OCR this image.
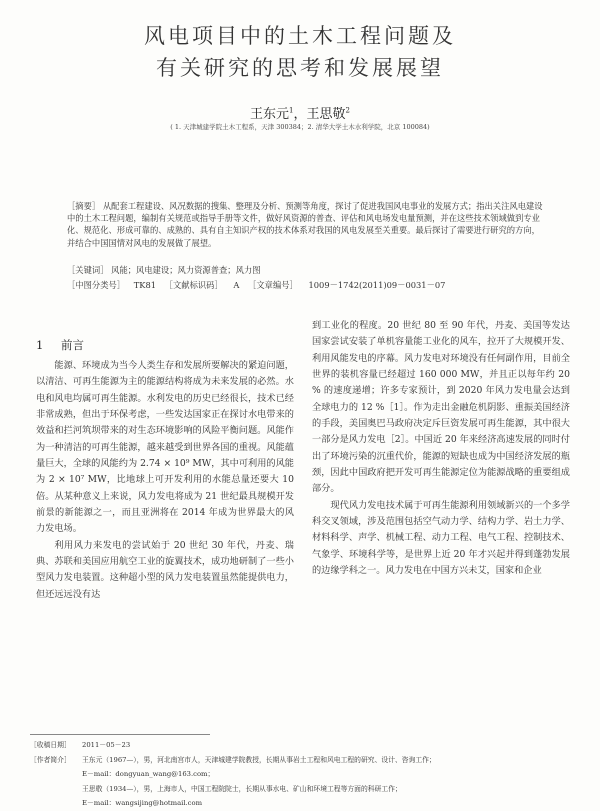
风电项目中的土木工程问题及
有关研究的思考和发展展望
王东元$^1$，王思敬$^2$
( 1. 天津城建学院土木工程系，天津 300384；2. 清华大学土木水利学院，北京 100084)
［摘要］ 从配套工程建设、风况数据的搜集、整理及分析、预测等角度，探讨了促进我国风电事业的发展方式；指出关注风电建设中的土木工程问题，编制有关规范或指导手册等文件，做好风资源的普查、评估和风电场发电量预测，并在这些技术领域做到专业化、规范化、形成可靠的、成熟的、具有自主知识产权的技术体系对我国的风电发展至关重要。最后探讨了需要进行研究的方向，并结合中国国情对风电的发展做了展望。
［关键词］ 风能；风电建设；风力资源普查；风力图
［中图分类号］ TK81 ［文献标识码］ A ［文章编号］ 1009－1742(2011)09－0031－07
1 前言

能源、环境成为当今人类生存和发展所要解决的紧迫问题，以清洁、可再生能源为主的能源结构将成为未来发展的必然。水电和风电均属可再生能源。水利发电的历史已经很长，技术已经非常成熟，但出于环保考虑，一些发达国家正在探讨水电带来的效益和拦河筑坝带来的对生态环境影响的风险平衡问题。风能作为一种清洁的可再生能源，越来越受到世界各国的重视。风能蕴量巨大，全球的风能约为 2.74 × 10⁹ MW，其中可利用的风能为 2 × 10⁷ MW，比地球上可开发利用的水能总量还要大 10 倍。从某种意义上来说，风力发电将成为 21 世纪最具规模开发前景的新能源之一，而且亚洲将在 2014 年成为世界最大的风力发电场。

利用风力来发电的尝试始于 20 世纪 30 年代，丹麦、瑞典、苏联和美国应用航空工业的旋翼技术，成功地研制了一些小型风力发电装置。这种超小型的风力发电装置虽然能提供电力，但还远远没有达

到工业化的程度。20 世纪 80 至 90 年代，丹麦、美国等发达国家尝试安装了单机容量能工业化的风车，拉开了大规模开发、利用风能发电的序幕。风力发电对环境没有任何副作用，目前全世界的装机容量已经超过 160 000 MW，并且正以每年约 20 % 的速度递增；许多专家预计，到 2020 年风力发电量会达到全球电力的 12 %［1］。作为走出金融危机阴影、重振美国经济的手段，美国奥巴马政府决定斥巨资发展可再生能源，其中很大一部分是风力发电［2］。中国近 20 年来经济高速发展的同时付出了环境污染的沉重代价，能源的短缺也成为中国经济发展的瓶颈，因此中国政府把开发可再生能源定位为能源战略的重要组成部分。

现代风力发电技术属于可再生能源利用领域新兴的一个多学科交叉领域，涉及范围包括空气动力学、结构力学、岩土力学、材料科学、声学、机械工程、动力工程、电气工程、控制技术、气象学、环境科学等，是世界上近 20 年才兴起并得到蓬勃发展的边缘学科之一。风力发电在中国方兴未艾，国家和企业

［收稿日期］ 2011－05－23
［作者简介］ 王东元（1967—），男，河北南宫市人，天津城建学院教授，长期从事岩土工程和风电工程的研究、设计、咨询工作；
E－mail：dongyuan_wang@163.com；
王思敬（1934—），男，上海市人，中国工程院院士，长期从事水电、矿山和环境工程等方面的科研工作；
E－mail：wangsijing@hotmail.com
